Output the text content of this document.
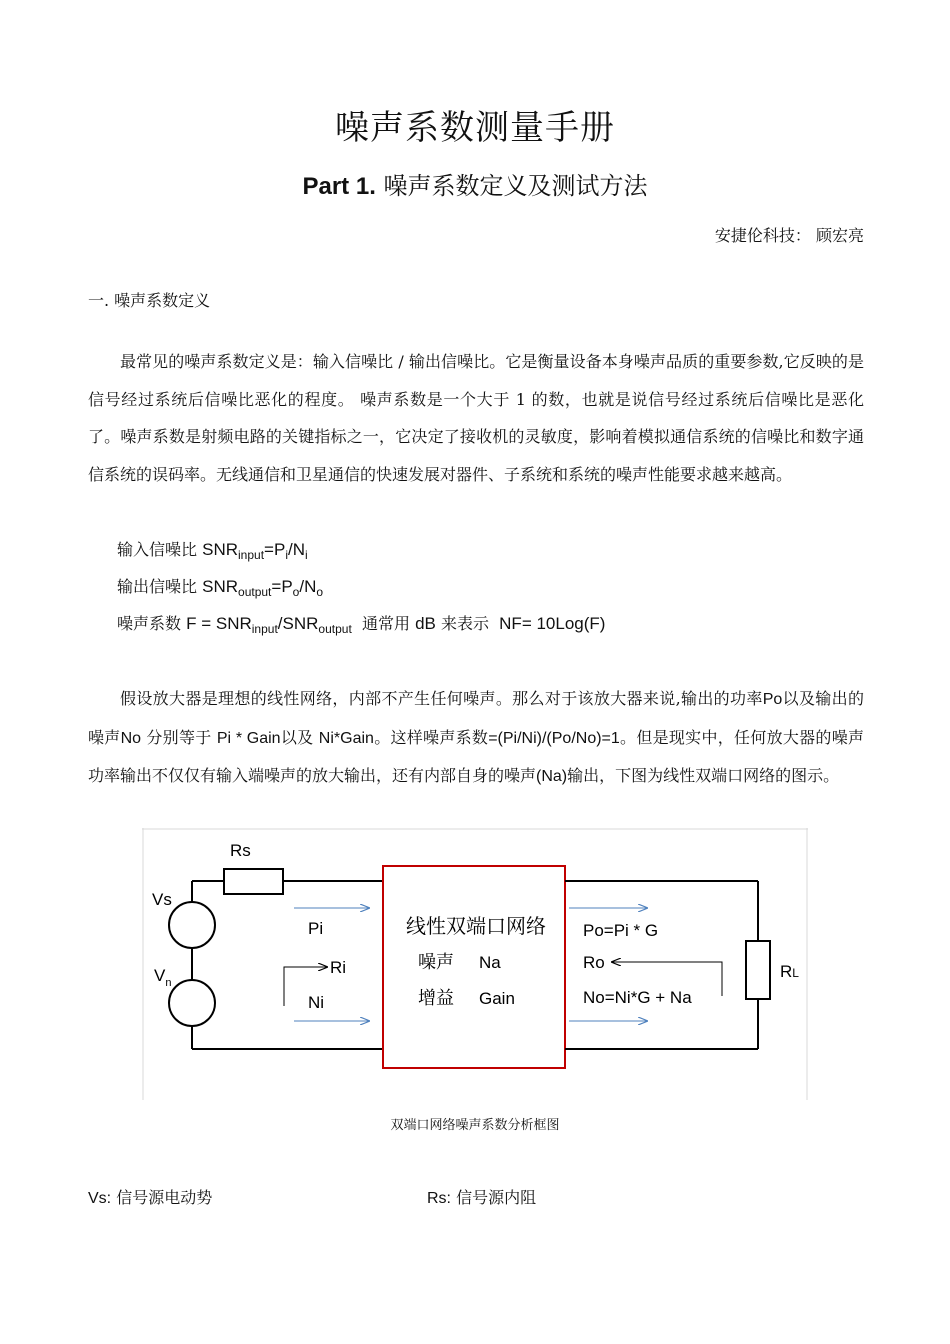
噪声系数测量手册
Part 1. 噪声系数定义及测试方法
安捷伦科技： 顾宏亮
一. 噪声系数定义

最常见的噪声系数定义是：输入信噪比 / 输出信噪比。它是衡量设备本身噪声品质的重要参数,它反映的是信号经过系统后信噪比恶化的程度。 噪声系数是一个大于 1 的数，也就是说信号经过系统后信噪比是恶化了。噪声系数是射频电路的关键指标之一，它决定了接收机的灵敏度，影响着模拟通信系统的信噪比和数字通信系统的误码率。无线通信和卫星通信的快速发展对器件、子系统和系统的噪声性能要求越来越高。

输入信噪比 $SNR_{input}=P_i/N_i$
输出信噪比 $SNR_{output}=P_o/N_o$
噪声系数 $F = SNR_{input}/SNR_{output}$ 通常用 dB 来表示 NF= 10Log(F)

假设放大器是理想的线性网络，内部不产生任何噪声。那么对于该放大器来说,输出的功率Po以及输出的噪声No 分别等于 Pi * Gain以及 Ni*Gain。这样噪声系数=(Pi/Ni)/(Po/No)=1。但是现实中，任何放大器的噪声功率输出不仅仅有输入端噪声的放大输出，还有内部自身的噪声(Na)输出，下图为线性双端口网络的图示。

Rs
Vs
$V_n$
Pi
Ri
Ni
线性双端口网络
噪声 Na
增益 Gain
Po=Pi * G
Ro
No=Ni*G + Na
RL
双端口网络噪声系数分析框图
Vs: 信号源电动势	Rs: 信号源内阻
